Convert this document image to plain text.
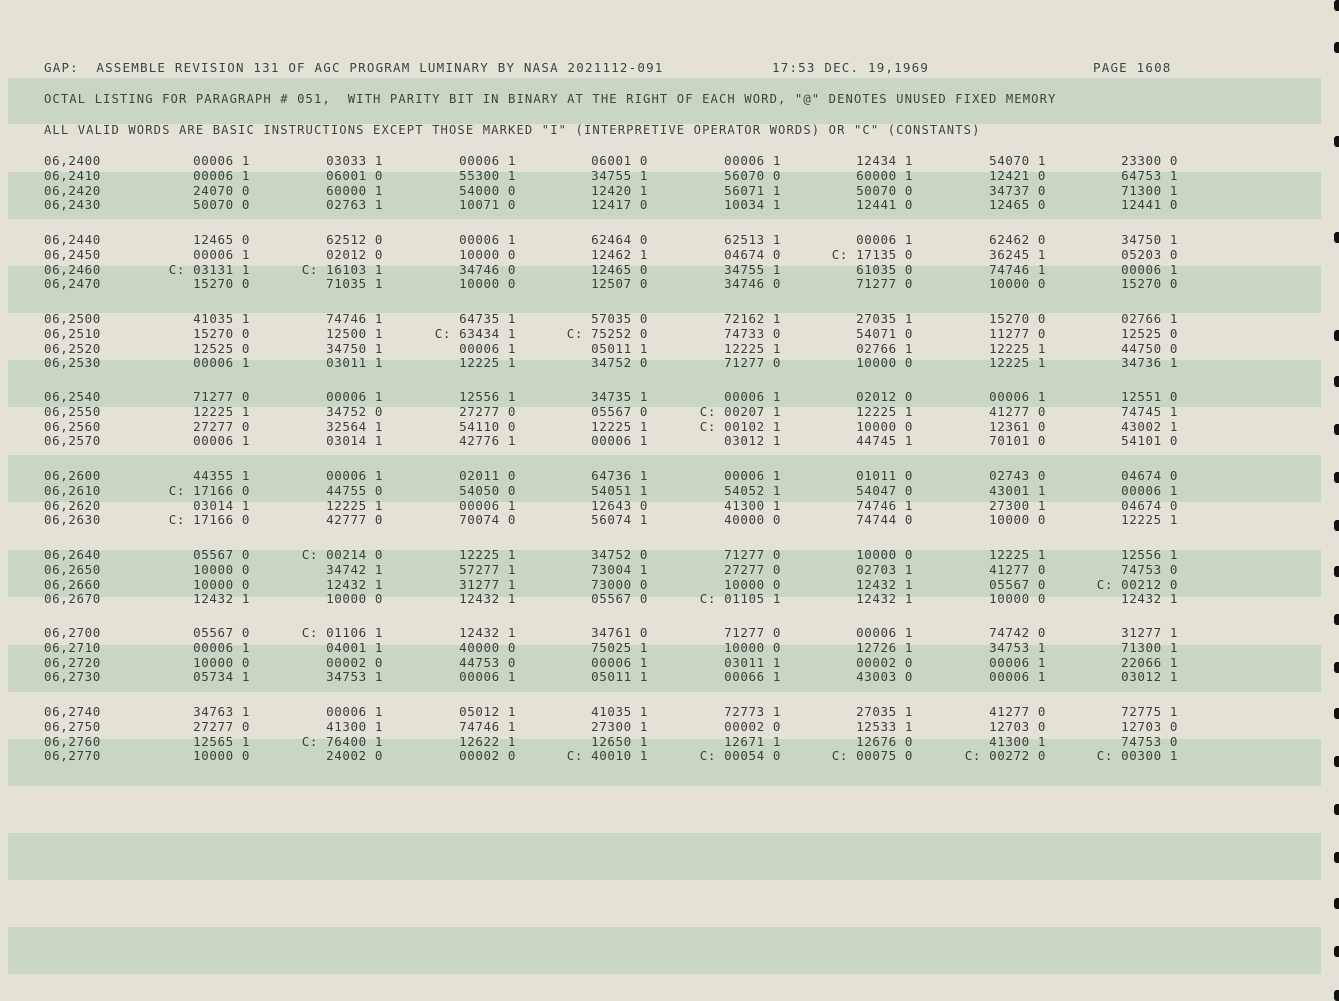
GAP:  ASSEMBLE REVISION 131 OF AGC PROGRAM LUMINARY BY NASA 2021112-091	17:53 DEC. 19,1969	PAGE 1608
OCTAL LISTING FOR PARAGRAPH # 051,  WITH PARITY BIT IN BINARY AT THE RIGHT OF EACH WORD, "@" DENOTES UNUSED FIXED MEMORY
ALL VALID WORDS ARE BASIC INSTRUCTIONS EXCEPT THOSE MARKED "I" (INTERPRETIVE OPERATOR WORDS) OR "C" (CONSTANTS)
06,2400	00006 1	03033 1	00006 1	06001 0	00006 1	12434 1	54070 1	23300 0
06,2410	00006 1	06001 0	55300 1	34755 1	56070 0	60000 1	12421 0	64753 1
06,2420	24070 0	60000 1	54000 0	12420 1	56071 1	50070 0	34737 0	71300 1
06,2430	50070 0	02763 1	10071 0	12417 0	10034 1	12441 0	12465 0	12441 0
06,2440	12465 0	62512 0	00006 1	62464 0	62513 1	00006 1	62462 0	34750 1
06,2450	00006 1	02012 0	10000 0	12462 1	04674 0	C: 17135 0	36245 1	05203 0
06,2460	C: 03131 1	C: 16103 1	34746 0	12465 0	34755 1	61035 0	74746 1	00006 1
06,2470	15270 0	71035 1	10000 0	12507 0	34746 0	71277 0	10000 0	15270 0
06,2500	41035 1	74746 1	64735 1	57035 0	72162 1	27035 1	15270 0	02766 1
06,2510	15270 0	12500 1	C: 63434 1	C: 75252 0	74733 0	54071 0	11277 0	12525 0
06,2520	12525 0	34750 1	00006 1	05011 1	12225 1	02766 1	12225 1	44750 0
06,2530	00006 1	03011 1	12225 1	34752 0	71277 0	10000 0	12225 1	34736 1
06,2540	71277 0	00006 1	12556 1	34735 1	00006 1	02012 0	00006 1	12551 0
06,2550	12225 1	34752 0	27277 0	05567 0	C: 00207 1	12225 1	41277 0	74745 1
06,2560	27277 0	32564 1	54110 0	12225 1	C: 00102 1	10000 0	12361 0	43002 1
06,2570	00006 1	03014 1	42776 1	00006 1	03012 1	44745 1	70101 0	54101 0
06,2600	44355 1	00006 1	02011 0	64736 1	00006 1	01011 0	02743 0	04674 0
06,2610	C: 17166 0	44755 0	54050 0	54051 1	54052 1	54047 0	43001 1	00006 1
06,2620	03014 1	12225 1	00006 1	12643 0	41300 1	74746 1	27300 1	04674 0
06,2630	C: 17166 0	42777 0	70074 0	56074 1	40000 0	74744 0	10000 0	12225 1
06,2640	05567 0	C: 00214 0	12225 1	34752 0	71277 0	10000 0	12225 1	12556 1
06,2650	10000 0	34742 1	57277 1	73004 1	27277 0	02703 1	41277 0	74753 0
06,2660	10000 0	12432 1	31277 1	73000 0	10000 0	12432 1	05567 0	C: 00212 0
06,2670	12432 1	10000 0	12432 1	05567 0	C: 01105 1	12432 1	10000 0	12432 1
06,2700	05567 0	C: 01106 1	12432 1	34761 0	71277 0	00006 1	74742 0	31277 1
06,2710	00006 1	04001 1	40000 0	75025 1	10000 0	12726 1	34753 1	71300 1
06,2720	10000 0	00002 0	44753 0	00006 1	03011 1	00002 0	00006 1	22066 1
06,2730	05734 1	34753 1	00006 1	05011 1	00066 1	43003 0	00006 1	03012 1
06,2740	34763 1	00006 1	05012 1	41035 1	72773 1	27035 1	41277 0	72775 1
06,2750	27277 0	41300 1	74746 1	27300 1	00002 0	12533 1	12703 0	12703 0
06,2760	12565 1	C: 76400 1	12622 1	12650 1	12671 1	12676 0	41300 1	74753 0
06,2770	10000 0	24002 0	00002 0	C: 40010 1	C: 00054 0	C: 00075 0	C: 00272 0	C: 00300 1
